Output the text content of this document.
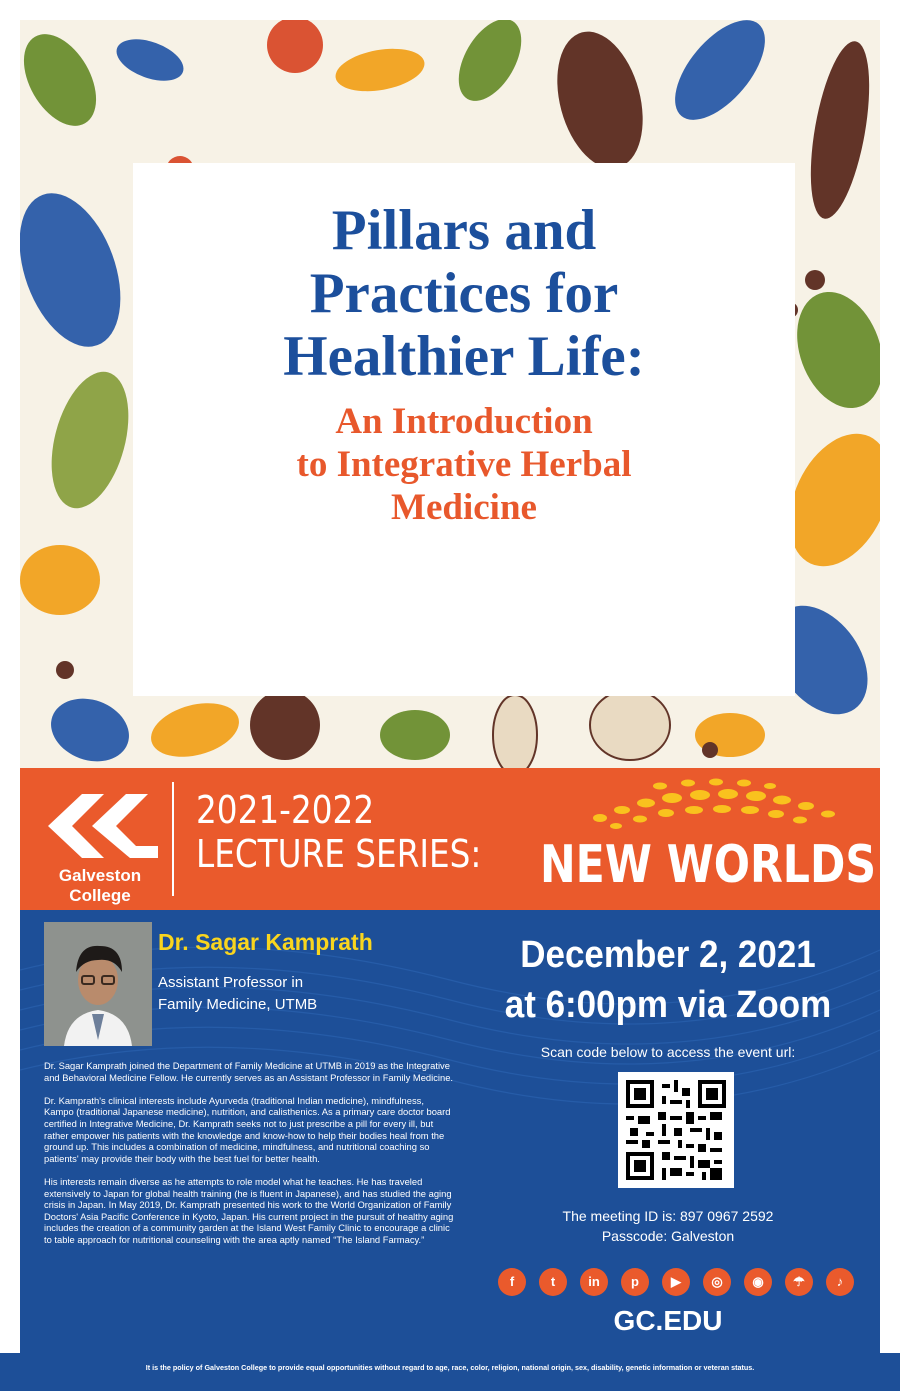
Pillars and
Practices for
Healthier Life:
An Introduction
to Integrative Herbal
Medicine
Galveston
College
2021-2022
LECTURE SERIES: NEW WORLDS
Dr. Sagar Kamprath
Assistant Professor in
Family Medicine, UTMB

Dr. Sagar Kamprath joined the Department of Family Medicine at UTMB in 2019 as the Integrative and Behavioral Medicine Fellow. He currently serves as an Assistant Professor in Family Medicine.

Dr. Kamprath's clinical interests include Ayurveda (traditional Indian medicine), mindfulness, Kampo (traditional Japanese medicine), nutrition, and calisthenics. As a primary care doctor board certified in Integrative Medicine, Dr. Kamprath seeks not to just prescribe a pill for every ill, but rather empower his patients with the knowledge and know-how to help their bodies heal from the ground up. This includes a combination of medicine, mindfulness, and nutritional coaching so patients' may provide their body with the best fuel for better health.

His interests remain diverse as he attempts to role model what he teaches. He has traveled extensively to Japan for global health training (he is fluent in Japanese), and has studied the aging crisis in Japan. In May 2019, Dr. Kamprath presented his work to the World Organization of Family Doctors' Asia Pacific Conference in Kyoto, Japan. His current project in the pursuit of healthy aging includes the creation of a community garden at the Island West Family Clinic to encourage a clinic to table approach for nutritional counseling with the area aptly named “The Island Farmacy.”

December 2, 2021
at 6:00pm via Zoom
Scan code below to access the event url:
The meeting ID is: 897 0967 2592
Passcode: Galveston
f	t	in	p	▶	◎	◉	☂	♪
GC.EDU
It is the policy of Galveston College to provide equal opportunities without regard to age, race, color, religion, national origin, sex, disability, genetic information or veteran status.
